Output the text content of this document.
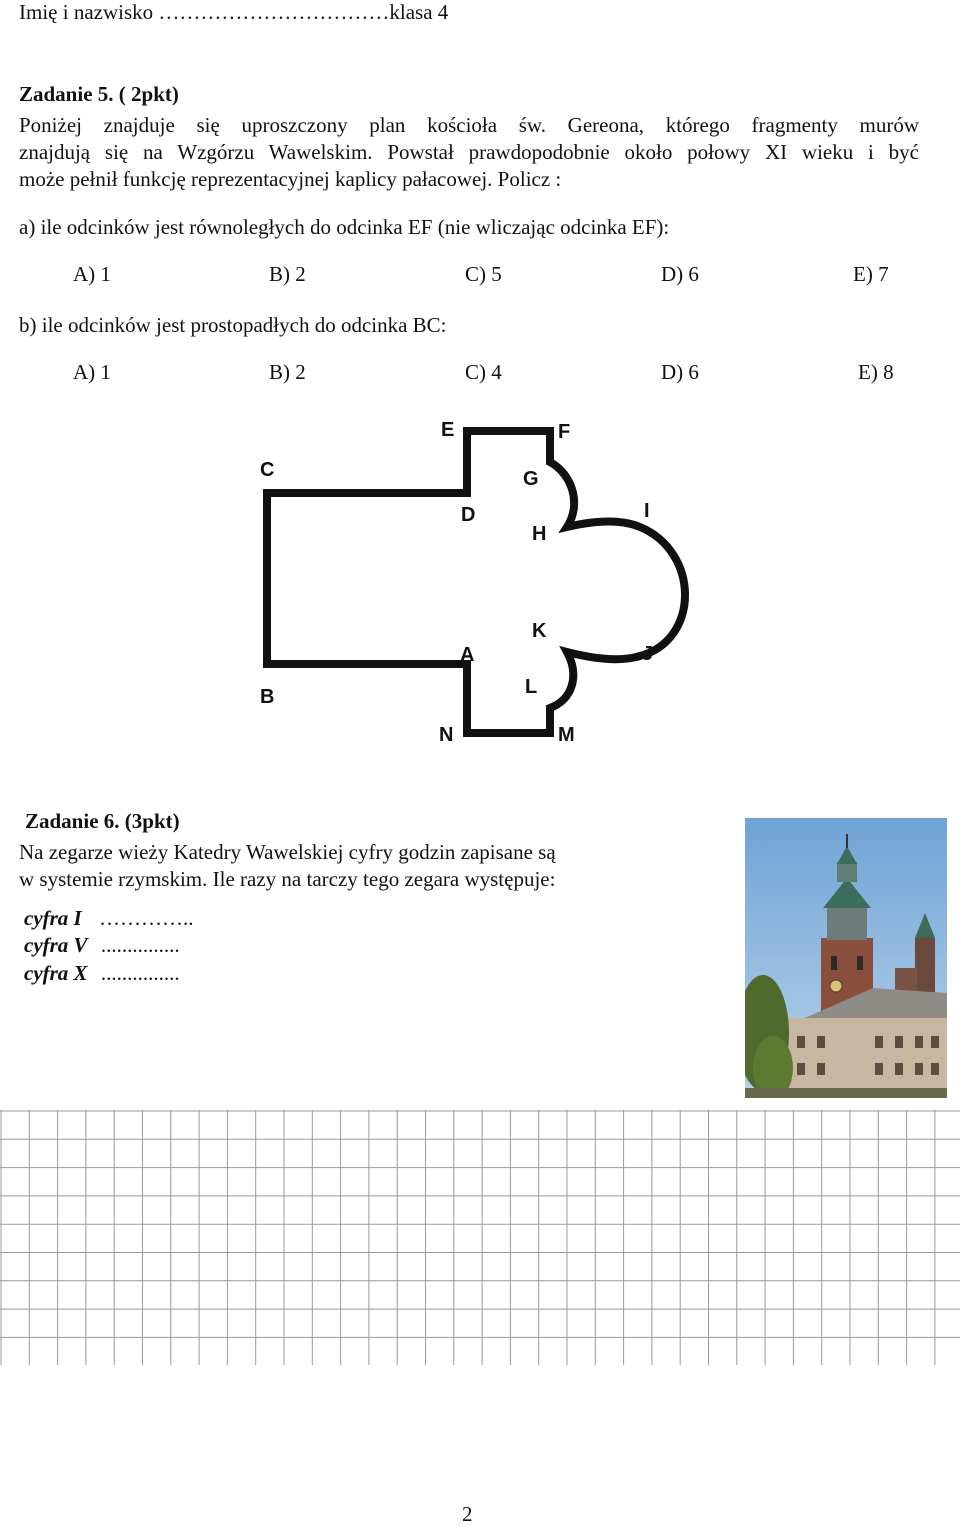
Imię i nazwisko ……………………………klasa 4
Zadanie 5. ( 2pkt)
Poniżej znajduje się uproszczony plan kościoła św. Gereona, którego fragmenty murów
znajdują się na Wzgórzu Wawelskim. Powstał prawdopodobnie około połowy XI wieku i być
może pełnił funkcję reprezentacyjnej kaplicy pałacowej. Policz :
a) ile odcinków jest równoległych do odcinka EF (nie wliczając odcinka EF):
A) 1	B) 2	C) 5	D) 6	E) 7
b) ile odcinków jest prostopadłych do odcinka BC:
A) 1	B) 2	C) 4	D) 6	E) 8
E	F
C	G
D	I
H
K
A	J
L
B
N	M
Zadanie 6. (3pkt)
Na zegarze wieży Katedry Wawelskiej cyfry godzin zapisane są
w systemie rzymskim. Ile razy na tarczy tego zegara występuje:
cyfra I …………..
cyfra V ...............
cyfra X ...............
2
